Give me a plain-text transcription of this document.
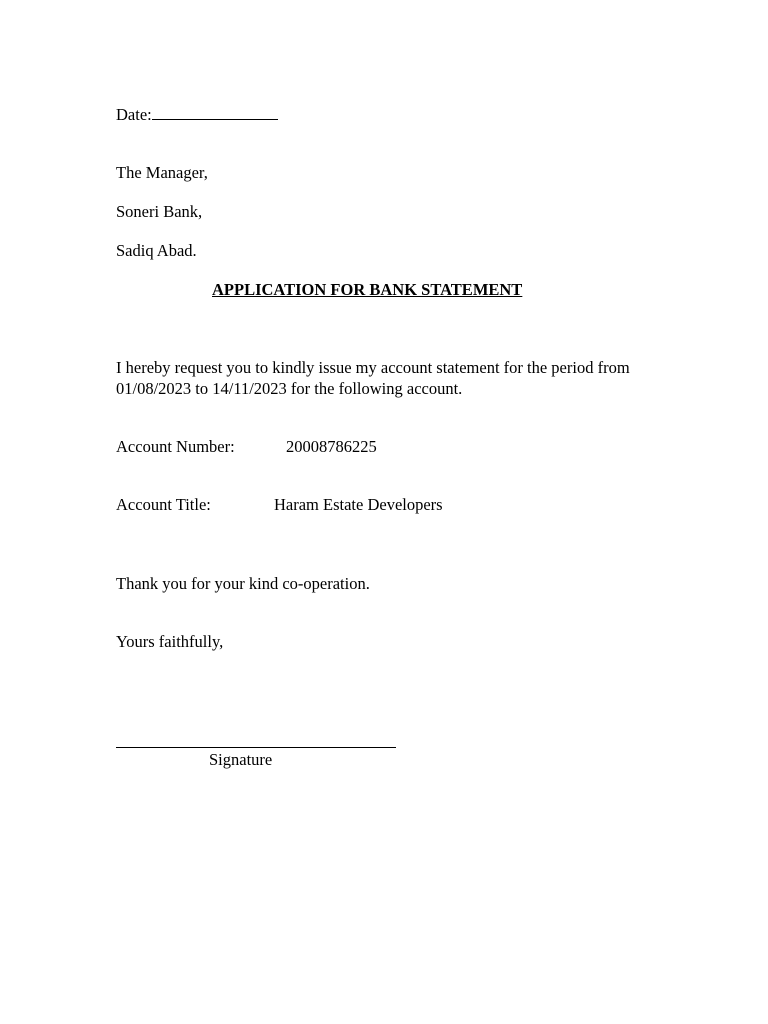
Date:
The Manager,
Soneri Bank,
Sadiq Abad.
APPLICATION FOR BANK STATEMENT
I hereby request you to kindly issue my account statement for the period from 01/08/2023 to 14/11/2023 for the following account.
Account Number:	20008786225
Account Title:	Haram Estate Developers
Thank you for your kind co-operation.
Yours faithfully,
Signature
